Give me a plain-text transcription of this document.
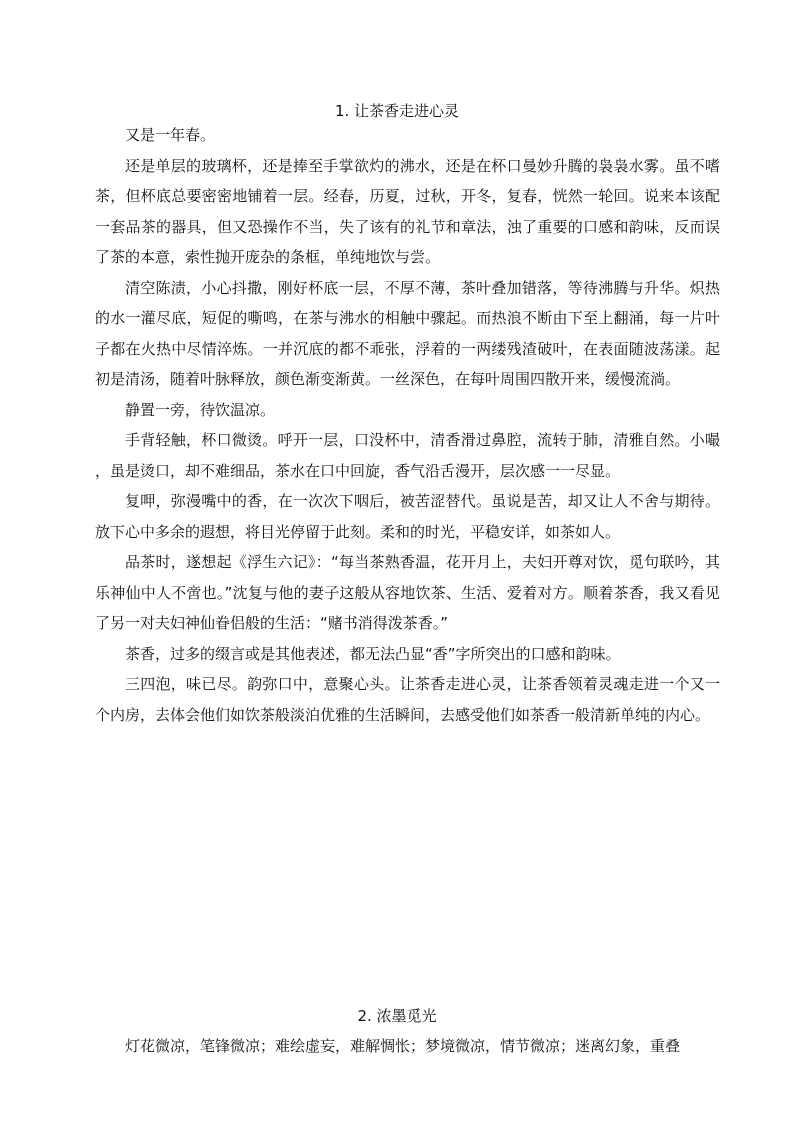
1. 让茶香走进心灵

又是一年春。

还是单层的玻璃杯，还是捧至手掌欲灼的沸水，还是在杯口曼妙升腾的袅袅水雾。虽不嗜茶，但杯底总要密密地铺着一层。经春，历夏，过秋，开冬，复春，恍然一轮回。说来本该配一套品茶的器具，但又恐操作不当，失了该有的礼节和章法，浊了重要的口感和韵味，反而误了茶的本意，索性抛开庞杂的条框，单纯地饮与尝。

清空陈渍，小心抖撒，刚好杯底一层，不厚不薄，茶叶叠加错落，等待沸腾与升华。炽热的水一灌尽底，短促的嘶鸣，在茶与沸水的相触中骤起。而热浪不断由下至上翻涌，每一片叶子都在火热中尽情淬炼。一并沉底的都不乖张，浮着的一两缕残渣破叶，在表面随波荡漾。起初是清汤，随着叶脉释放，颜色渐变渐黄。一丝深色，在每叶周围四散开来，缓慢流淌。

静置一旁，待饮温凉。

手背轻触，杯口微烫。呼开一层，口没杯中，清香滑过鼻腔，流转于肺，清雅自然。小嘬，虽是烫口，却不难细品，茶水在口中回旋，香气沿舌漫开，层次感一一尽显。

复呷，弥漫嘴中的香，在一次次下咽后，被苦涩替代。虽说是苦，却又让人不舍与期待。放下心中多余的遐想，将目光停留于此刻。柔和的时光，平稳安详，如茶如人。

品茶时，遂想起《浮生六记》：“每当茶熟香温，花开月上，夫妇开尊对饮，觅句联吟，其乐神仙中人不啻也。”沈复与他的妻子这般从容地饮茶、生活、爱着对方。顺着茶香，我又看见了另一对夫妇神仙眷侣般的生活：“赌书消得泼茶香。”

茶香，过多的缀言或是其他表述，都无法凸显“香”字所突出的口感和韵味。

三四泡，味已尽。韵弥口中，意聚心头。让茶香走进心灵，让茶香领着灵魂走进一个又一个内房，去体会他们如饮茶般淡泊优雅的生活瞬间，去感受他们如茶香一般清新单纯的内心。

2. 浓墨觅光

灯花微凉，笔锋微凉；难绘虚妄，难解惆怅；梦境微凉，情节微凉；迷离幻象，重叠
